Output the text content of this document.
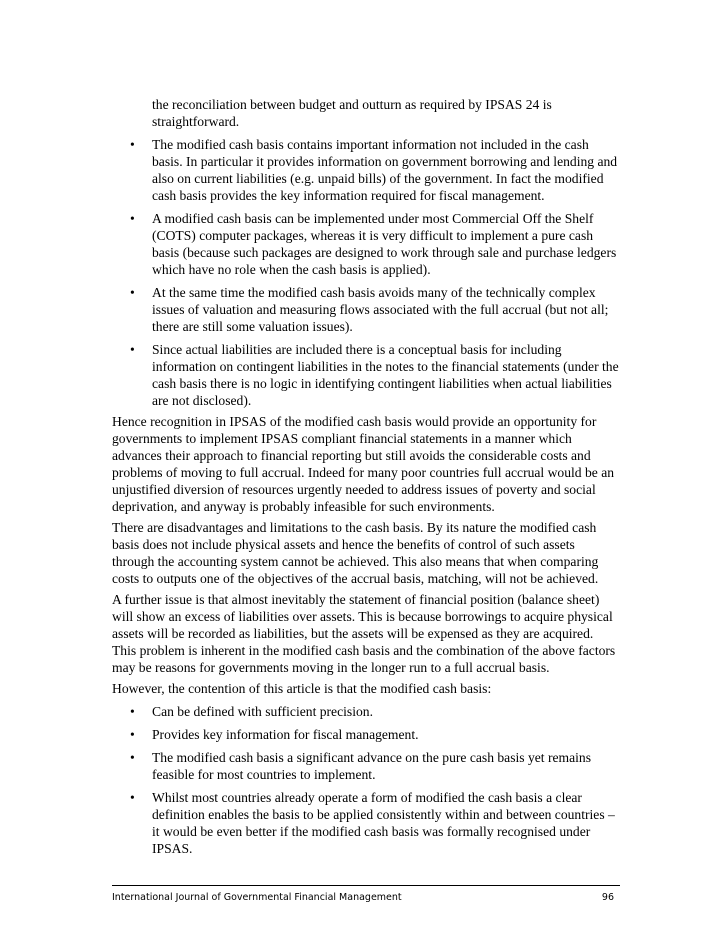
the reconciliation between budget and outturn as required by IPSAS 24 is straightforward.
• The modified cash basis contains important information not included in the cash basis. In particular it provides information on government borrowing and lending and also on current liabilities (e.g. unpaid bills) of the government. In fact the modified cash basis provides the key information required for fiscal management.
• A modified cash basis can be implemented under most Commercial Off the Shelf (COTS) computer packages, whereas it is very difficult to implement a pure cash basis (because such packages are designed to work through sale and purchase ledgers which have no role when the cash basis is applied).
• At the same time the modified cash basis avoids many of the technically complex issues of valuation and measuring flows associated with the full accrual (but not all; there are still some valuation issues).
• Since actual liabilities are included there is a conceptual basis for including information on contingent liabilities in the notes to the financial statements (under the cash basis there is no logic in identifying contingent liabilities when actual liabilities are not disclosed).

Hence recognition in IPSAS of the modified cash basis would provide an opportunity for governments to implement IPSAS compliant financial statements in a manner which advances their approach to financial reporting but still avoids the considerable costs and problems of moving to full accrual. Indeed for many poor countries full accrual would be an unjustified diversion of resources urgently needed to address issues of poverty and social deprivation, and anyway is probably infeasible for such environments.

There are disadvantages and limitations to the cash basis. By its nature the modified cash basis does not include physical assets and hence the benefits of control of such assets through the accounting system cannot be achieved. This also means that when comparing costs to outputs one of the objectives of the accrual basis, matching, will not be achieved.

A further issue is that almost inevitably the statement of financial position (balance sheet) will show an excess of liabilities over assets. This is because borrowings to acquire physical assets will be recorded as liabilities, but the assets will be expensed as they are acquired. This problem is inherent in the modified cash basis and the combination of the above factors may be reasons for governments moving in the longer run to a full accrual basis.

However, the contention of this article is that the modified cash basis:

• Can be defined with sufficient precision.
• Provides key information for fiscal management.
• The modified cash basis a significant advance on the pure cash basis yet remains feasible for most countries to implement.
• Whilst most countries already operate a form of modified the cash basis a clear definition enables the basis to be applied consistently within and between countries – it would be even better if the modified cash basis was formally recognised under IPSAS.
International Journal of Governmental Financial Management	96
